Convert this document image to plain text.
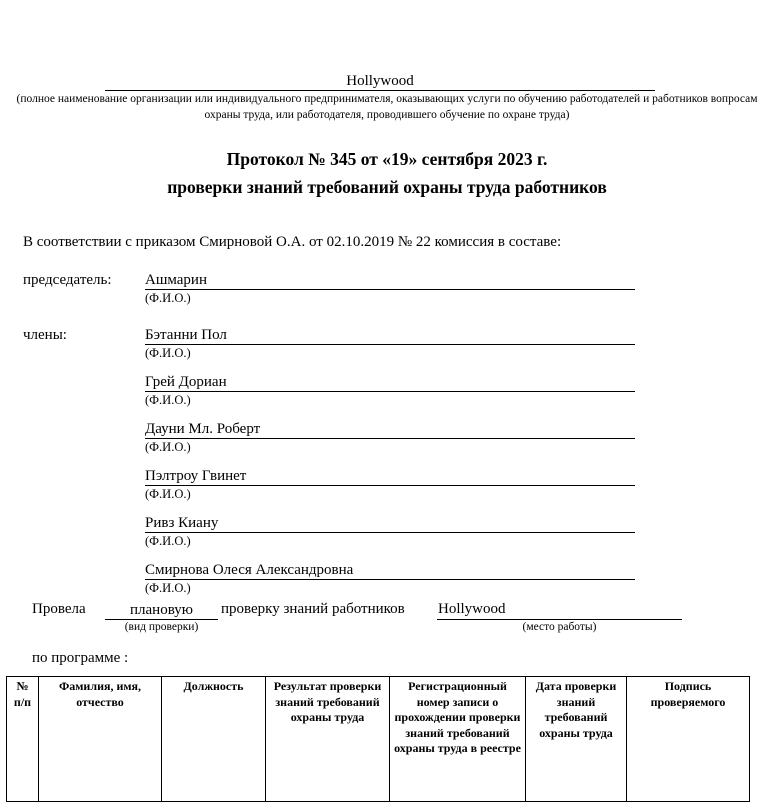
Hollywood
(полное наименование организации или индивидуального предпринимателя, оказывающих услуги по обучению работодателей и работников вопросам охраны труда, или работодателя, проводившего обучение по охране труда)
Протокол № 345 от «19» сентября 2023 г.
проверки знаний требований охраны труда работников
В соответствии с приказом Смирновой О.А. от 02.10.2019 № 22 комиссия в составе:
председатель: Ашмарин
(Ф.И.О.)
члены:	Бэтанни Пол
(Ф.И.О.)
Грей Дориан
(Ф.И.О.)
Дауни Мл. Роберт
(Ф.И.О.)
Пэлтроу Гвинет
(Ф.И.О.)
Ривз Киану
(Ф.И.О.)
Смирнова Олеся Александровна
(Ф.И.О.)
Провела	плановую
(вид проверки)
проверку знаний работников Hollywood
(место работы)
по программе :
№ п/п	Фамилия, имя, отчество	Должность	Результат проверки знаний требований охраны труда	Регистрационный номер записи о прохождении проверки знаний требований охраны труда в реестре	Дата проверки знаний требований охраны труда	Подпись проверяемого
